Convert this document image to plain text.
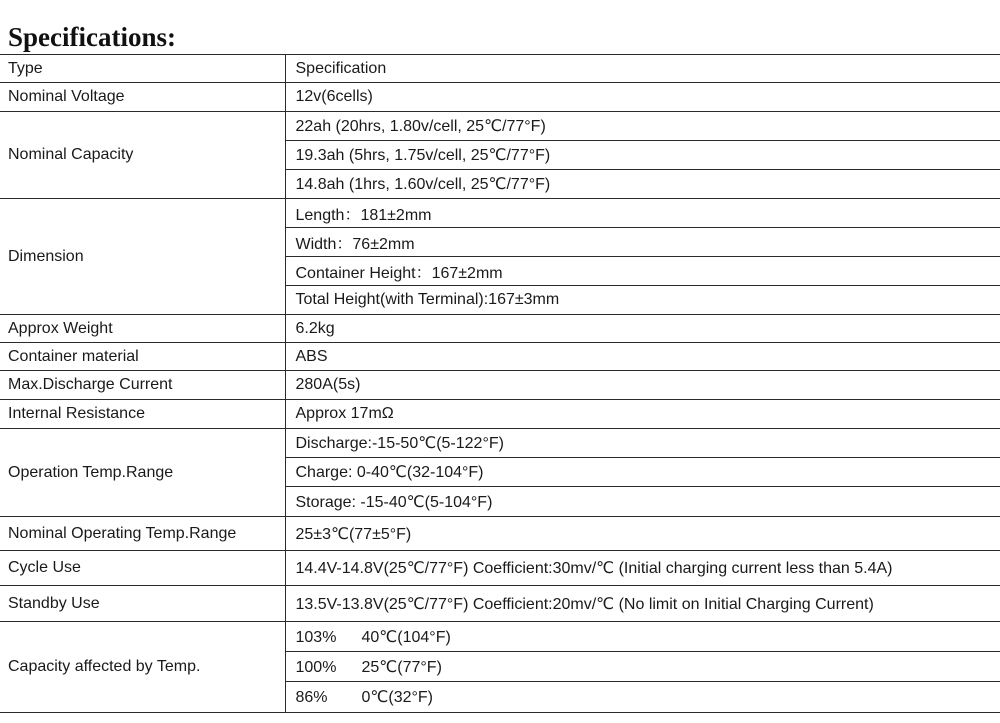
Specifications:
Type	Specification
Nominal Voltage	12v(6cells)
Nominal Capacity	22ah (20hrs, 1.80v/cell, 25℃/77°F)
	19.3ah (5hrs, 1.75v/cell, 25℃/77°F)
	14.8ah (1hrs, 1.60v/cell, 25℃/77°F)
Dimension	Length：181±2mm
	Width：76±2mm
	Container Height：167±2mm
	Total Height(with Terminal):167±3mm
Approx Weight	6.2kg
Container material	ABS
Max.Discharge Current	280A(5s)
Internal Resistance	Approx 17mΩ
Operation Temp.Range	Discharge:-15-50℃(5-122°F)
	Charge: 0-40℃(32-104°F)
	Storage: -15-40℃(5-104°F)
Nominal Operating Temp.Range	25±3℃(77±5°F)
Cycle Use	14.4V-14.8V(25℃/77°F) Coefficient:30mv/℃ (Initial charging current less than 5.4A)
Standby Use	13.5V-13.8V(25℃/77°F) Coefficient:20mv/℃ (No limit on Initial Charging Current)
Capacity affected by Temp.	103% 40℃(104°F)
	100% 25℃(77°F)
	86% 0℃(32°F)
